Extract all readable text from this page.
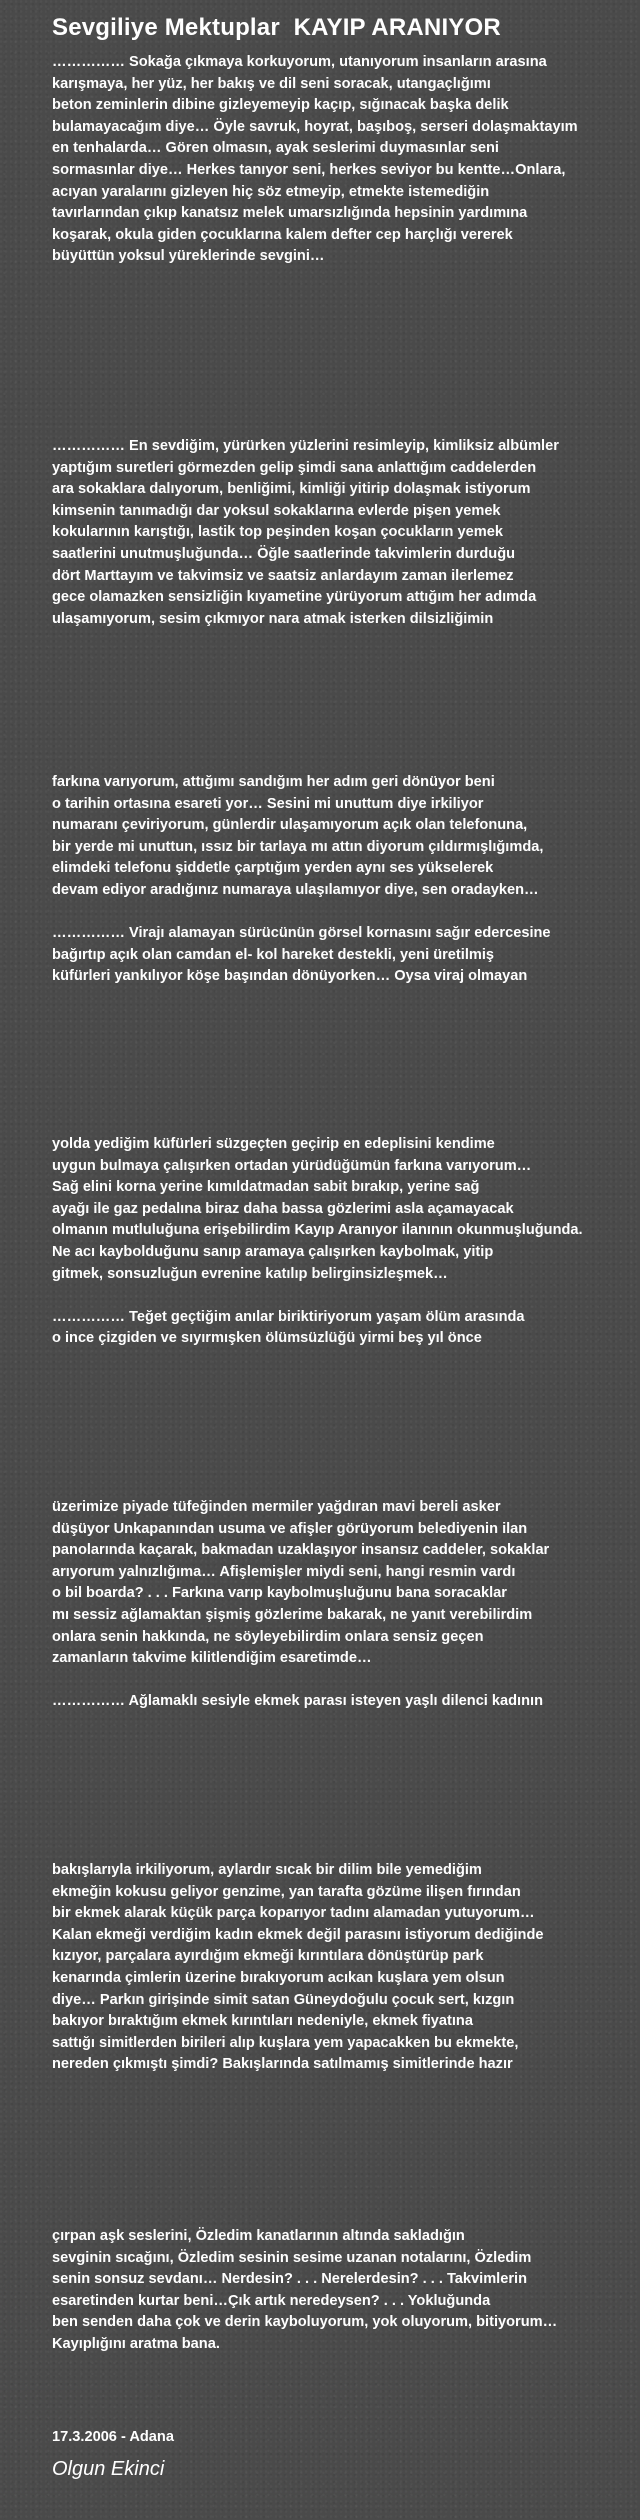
Sevgiliye Mektuplar  KAYIP ARANIYOR
…………… Sokağa çıkmaya korkuyorum, utanıyorum insanların arasına
karışmaya, her yüz, her bakış ve dil seni soracak, utangaçlığımı
beton zeminlerin dibine gizleyemeyip kaçıp, sığınacak başka delik
bulamayacağım diye… Öyle savruk, hoyrat, başıboş, serseri dolaşmaktayım
en tenhalarda… Gören olmasın, ayak seslerimi duymasınlar seni
sormasınlar diye… Herkes tanıyor seni, herkes seviyor bu kentte…Onlara,
acıyan yaralarını gizleyen hiç söz etmeyip, etmekte istemediğin
tavırlarından çıkıp kanatsız melek umarsızlığında hepsinin yardımına
koşarak, okula giden çocuklarına kalem defter cep harçlığı vererek
büyüttün yoksul yüreklerinde sevgini…
…………… En sevdiğim, yürürken yüzlerini resimleyip, kimliksiz albümler
yaptığım suretleri görmezden gelip şimdi sana anlattığım caddelerden
ara sokaklara dalıyorum, benliğimi, kimliği yitirip dolaşmak istiyorum
kimsenin tanımadığı dar yoksul sokaklarına evlerde pişen yemek
kokularının karıştığı, lastik top peşinden koşan çocukların yemek
saatlerini unutmuşluğunda… Öğle saatlerinde takvimlerin durduğu
dört Marttayım ve takvimsiz ve saatsiz anlardayım zaman ilerlemez
gece olamazken sensizliğin kıyametine yürüyorum attığım her adımda
ulaşamıyorum, sesim çıkmıyor nara atmak isterken dilsizliğimin
farkına varıyorum, attığımı sandığım her adım geri dönüyor beni
o tarihin ortasına esareti yor… Sesini mi unuttum diye irkiliyor
numaranı çeviriyorum, günlerdir ulaşamıyorum açık olan telefonuna,
bir yerde mi unuttun, ıssız bir tarlaya mı attın diyorum çıldırmışlığımda,
elimdeki telefonu şiddetle çarptığım yerden aynı ses yükselerek
devam ediyor aradığınız numaraya ulaşılamıyor diye, sen oradayken…
…………… Virajı alamayan sürücünün görsel kornasını sağır edercesine
bağırtıp açık olan camdan el- kol hareket destekli, yeni üretilmiş
küfürleri yankılıyor köşe başından dönüyorken… Oysa viraj olmayan
yolda yediğim küfürleri süzgeçten geçirip en edeplisini kendime
uygun bulmaya çalışırken ortadan yürüdüğümün farkına varıyorum…
Sağ elini korna yerine kımıldatmadan sabit bırakıp, yerine sağ
ayağı ile gaz pedalına biraz daha bassa gözlerimi asla açamayacak
olmanın mutluluğuna erişebilirdim Kayıp Aranıyor ilanının okunmuşluğunda.
Ne acı kaybolduğunu sanıp aramaya çalışırken kaybolmak, yitip
gitmek, sonsuzluğun evrenine katılıp belirginsizleşmek…
…………… Teğet geçtiğim anılar biriktiriyorum yaşam ölüm arasında
o ince çizgiden ve sıyırmışken ölümsüzlüğü yirmi beş yıl önce
üzerimize piyade tüfeğinden mermiler yağdıran mavi bereli asker
düşüyor Unkapanından usuma ve afişler görüyorum belediyenin ilan
panolarında kaçarak, bakmadan uzaklaşıyor insansız caddeler, sokaklar
arıyorum yalnızlığıma… Afişlemişler miydi seni, hangi resmin vardı
o bil boarda? . . . Farkına varıp kaybolmuşluğunu bana soracaklar
mı sessiz ağlamaktan şişmiş gözlerime bakarak, ne yanıt verebilirdim
onlara senin hakkında, ne söyleyebilirdim onlara sensiz geçen
zamanların takvime kilitlendiğim esaretimde…
…………… Ağlamaklı sesiyle ekmek parası isteyen yaşlı dilenci kadının
bakışlarıyla irkiliyorum, aylardır sıcak bir dilim bile yemediğim
ekmeğin kokusu geliyor genzime, yan tarafta gözüme ilişen fırından
bir ekmek alarak küçük parça koparıyor tadını alamadan yutuyorum…
Kalan ekmeği verdiğim kadın ekmek değil parasını istiyorum dediğinde
kızıyor, parçalara ayırdığım ekmeği kırıntılara dönüştürüp park
kenarında çimlerin üzerine bırakıyorum acıkan kuşlara yem olsun
diye… Parkın girişinde simit satan Güneydoğulu çocuk sert, kızgın
bakıyor bıraktığım ekmek kırıntıları nedeniyle, ekmek fiyatına
sattığı simitlerden birileri alıp kuşlara yem yapacakken bu ekmekte,
nereden çıkmıştı şimdi? Bakışlarında satılmamış simitlerinde hazır
çırpan aşk seslerini, Özledim kanatlarının altında sakladığın
sevginin sıcağını, Özledim sesinin sesime uzanan notalarını, Özledim
senin sonsuz sevdanı… Nerdesin? . . . Nerelerdesin? . . . Takvimlerin
esaretinden kurtar beni…Çık artık neredeysen? . . . Yokluğunda
ben senden daha çok ve derin kayboluyorum, yok oluyorum, bitiyorum…
Kayıplığını aratma bana.
17.3.2006 - Adana
Olgun Ekinci
